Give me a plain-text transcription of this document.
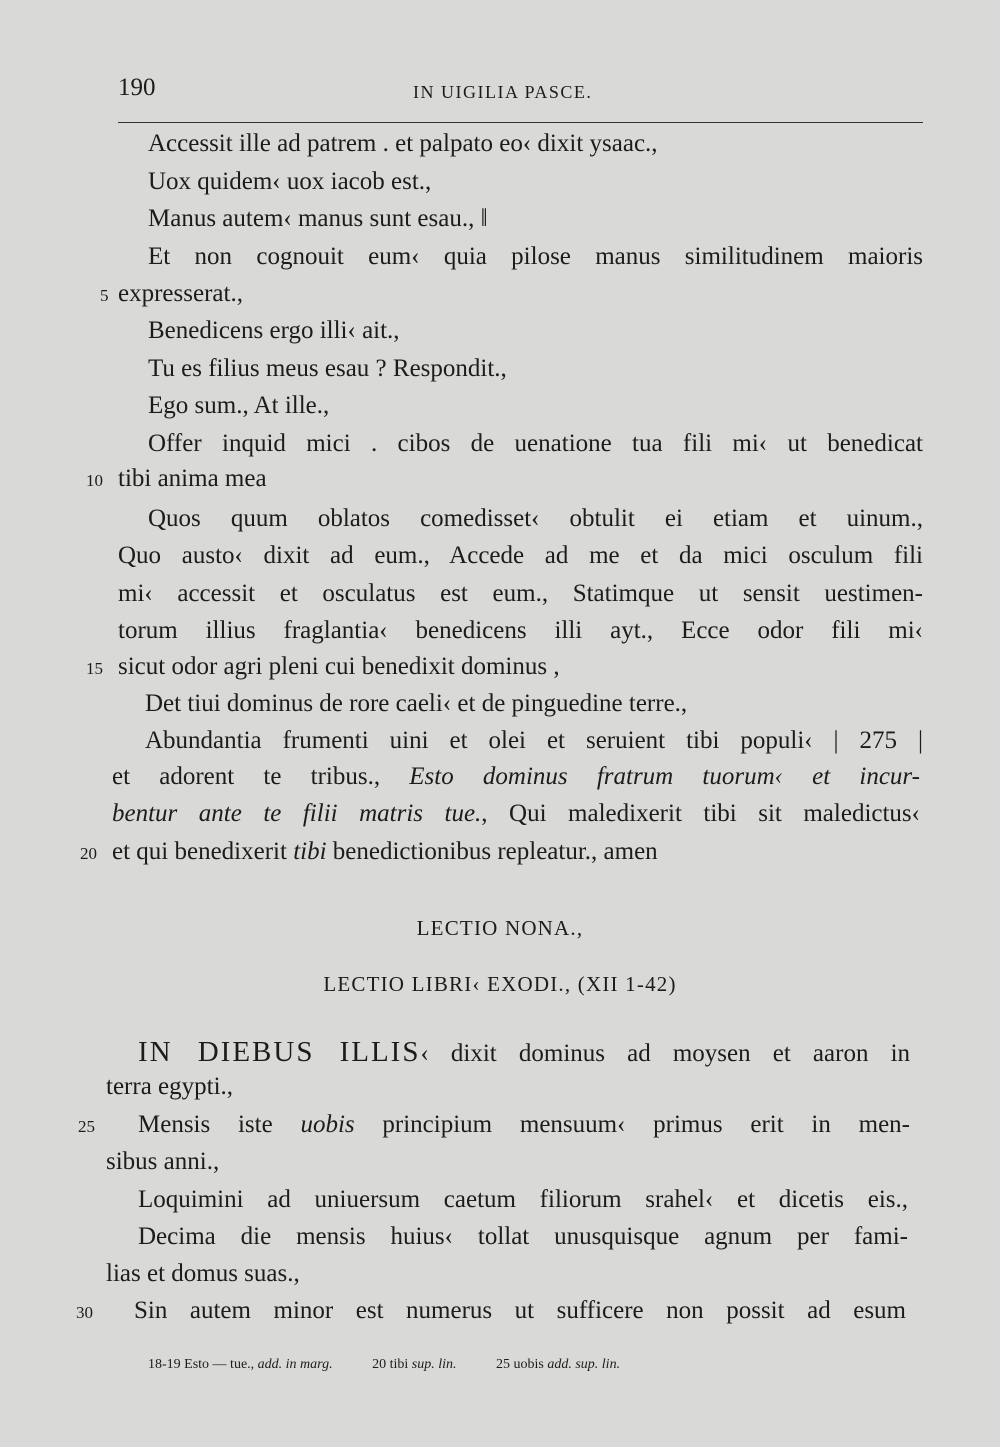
190	IN UIGILIA PASCE.
Accessit ille ad patrem . et palpato eo‹ dixit ysaac.,
Uox quidem‹ uox iacob est.,
Manus autem‹ manus sunt esau., ‖
Et non cognouit eum‹ quia pilose manus similitudinem maioris
expresserat.,
Benedicens ergo illi‹ ait.,
Tu es filius meus esau ? Respondit.,
Ego sum., At ille.,
Offer inquid mici . cibos de uenatione tua fili mi‹ ut benedicat
tibi anima mea
Quos quum oblatos comedisset‹ obtulit ei etiam et uinum.,
Quo austo‹ dixit ad eum., Accede ad me et da mici osculum fili
mi‹ accessit et osculatus est eum., Statimque ut sensit uestimen-
torum illius fraglantia‹ benedicens illi ayt., Ecce odor fili mi‹
sicut odor agri pleni cui benedixit dominus ,
Det tiui dominus de rore caeli‹ et de pinguedine terre.,
Abundantia frumenti uini et olei et seruient tibi populi‹ | 275 |
et adorent te tribus., Esto dominus fratrum tuorum‹ et incur-
bentur ante te filii matris tue., Qui maledixerit tibi sit maledictus‹
et qui benedixerit tibi benedictionibus repleatur., amen
LECTIO NONA.,
LECTIO LIBRI‹ EXODI., (XII 1-42)
IN DIEBUS ILLIS‹ dixit dominus ad moysen et aaron in
terra egypti.,
Mensis iste uobis principium mensuum‹ primus erit in men-
sibus anni.,
Loquimini ad uniuersum caetum filiorum srahel‹ et dicetis eis.,
Decima die mensis huius‹ tollat unusquisque agnum per fami-
lias et domus suas.,
Sin autem minor est numerus ut sufficere non possit ad esum
5
10
15
20
25
30
18-19 Esto — tue., add. in marg.	20 tibi sup. lin.	25 uobis add. sup. lin.
